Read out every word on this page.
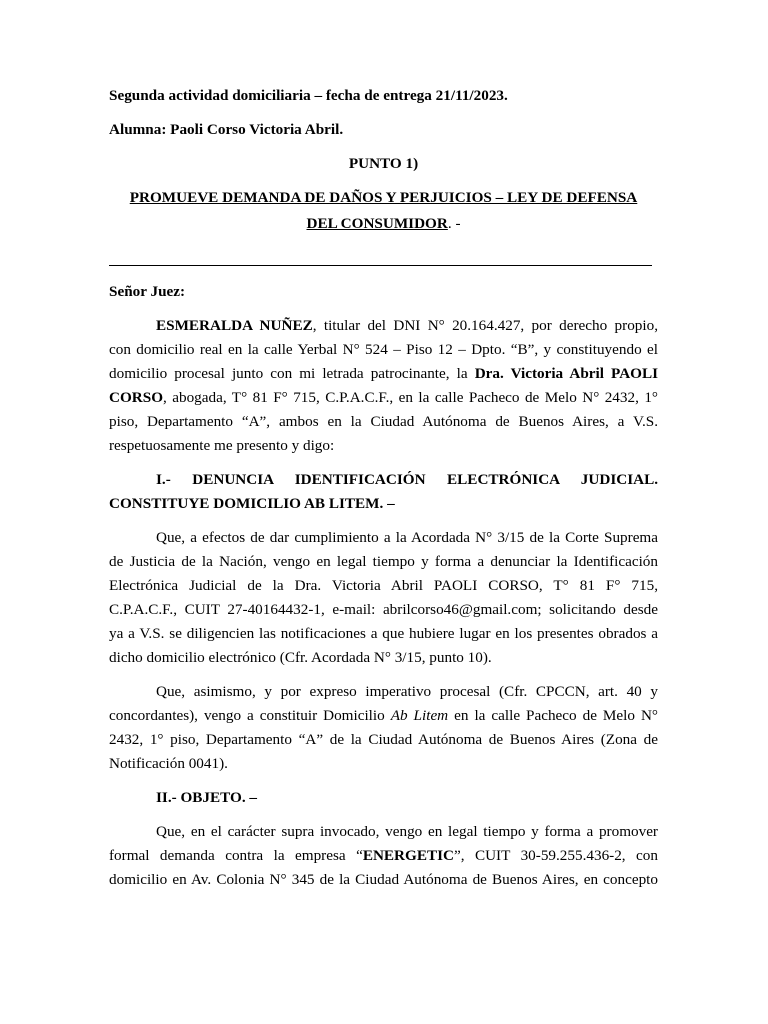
Segunda actividad domiciliaria – fecha de entrega 21/11/2023.
Alumna: Paoli Corso Victoria Abril.
PUNTO 1)
PROMUEVE DEMANDA DE DAÑOS Y PERJUICIOS – LEY DE DEFENSA
DEL CONSUMIDOR. -
Señor Juez:
ESMERALDA NUÑEZ, titular del DNI N° 20.164.427, por derecho propio,
con domicilio real en la calle Yerbal N° 524 – Piso 12 – Dpto. “B”, y constituyendo el
domicilio procesal junto con mi letrada patrocinante, la Dra. Victoria Abril PAOLI
CORSO, abogada, T° 81 F° 715, C.P.A.C.F., en la calle Pacheco de Melo N° 2432, 1°
piso, Departamento “A”, ambos en la Ciudad Autónoma de Buenos Aires, a V.S.
respetuosamente me presento y digo:
I.- DENUNCIA IDENTIFICACIÓN ELECTRÓNICA JUDICIAL.
CONSTITUYE DOMICILIO AB LITEM. –
Que, a efectos de dar cumplimiento a la Acordada N° 3/15 de la Corte Suprema
de Justicia de la Nación, vengo en legal tiempo y forma a denunciar la Identificación
Electrónica Judicial de la Dra. Victoria Abril PAOLI CORSO, T° 81 F° 715,
C.P.A.C.F., CUIT 27-40164432-1, e-mail: abrilcorso46@gmail.com; solicitando desde
ya a V.S. se diligencien las notificaciones a que hubiere lugar en los presentes obrados a
dicho domicilio electrónico (Cfr. Acordada N° 3/15, punto 10).
Que, asimismo, y por expreso imperativo procesal (Cfr. CPCCN, art. 40 y
concordantes), vengo a constituir Domicilio Ab Litem en la calle Pacheco de Melo N°
2432, 1° piso, Departamento “A” de la Ciudad Autónoma de Buenos Aires (Zona de
Notificación 0041).
II.- OBJETO. –
Que, en el carácter supra invocado, vengo en legal tiempo y forma a promover
formal demanda contra la empresa “ENERGETIC”, CUIT 30-59.255.436-2, con
domicilio en Av. Colonia N° 345 de la Ciudad Autónoma de Buenos Aires, en concepto
